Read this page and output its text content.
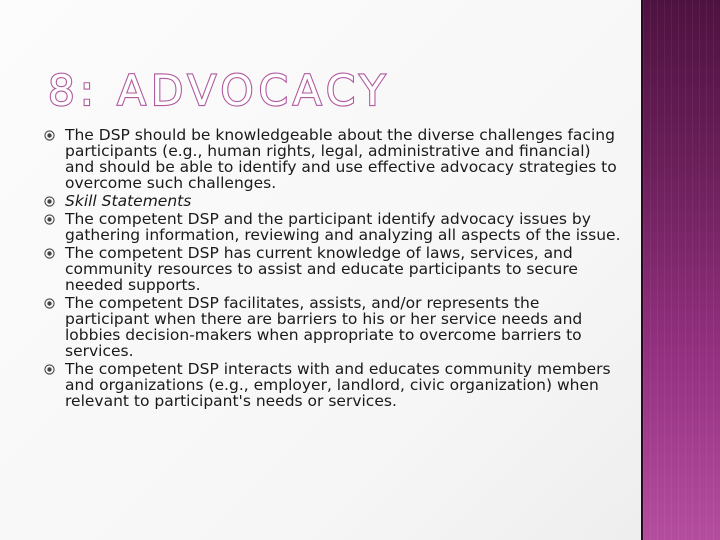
8: ADVOCACY
The DSP should be knowledgeable about the diverse challenges facing participants (e.g., human rights, legal, administrative and financial) and should be able to identify and use effective advocacy strategies to overcome such challenges.
Skill Statements
The competent DSP and the participant identify advocacy issues by gathering information, reviewing and analyzing all aspects of the issue.
The competent DSP has current knowledge of laws, services, and community resources to assist and educate participants to secure needed supports.
The competent DSP facilitates, assists, and/or represents the participant when there are barriers to his or her service needs and lobbies decision-makers when appropriate to overcome barriers to services.
The competent DSP interacts with and educates community members and organizations (e.g., employer, landlord, civic organization) when relevant to participant's needs or services.
